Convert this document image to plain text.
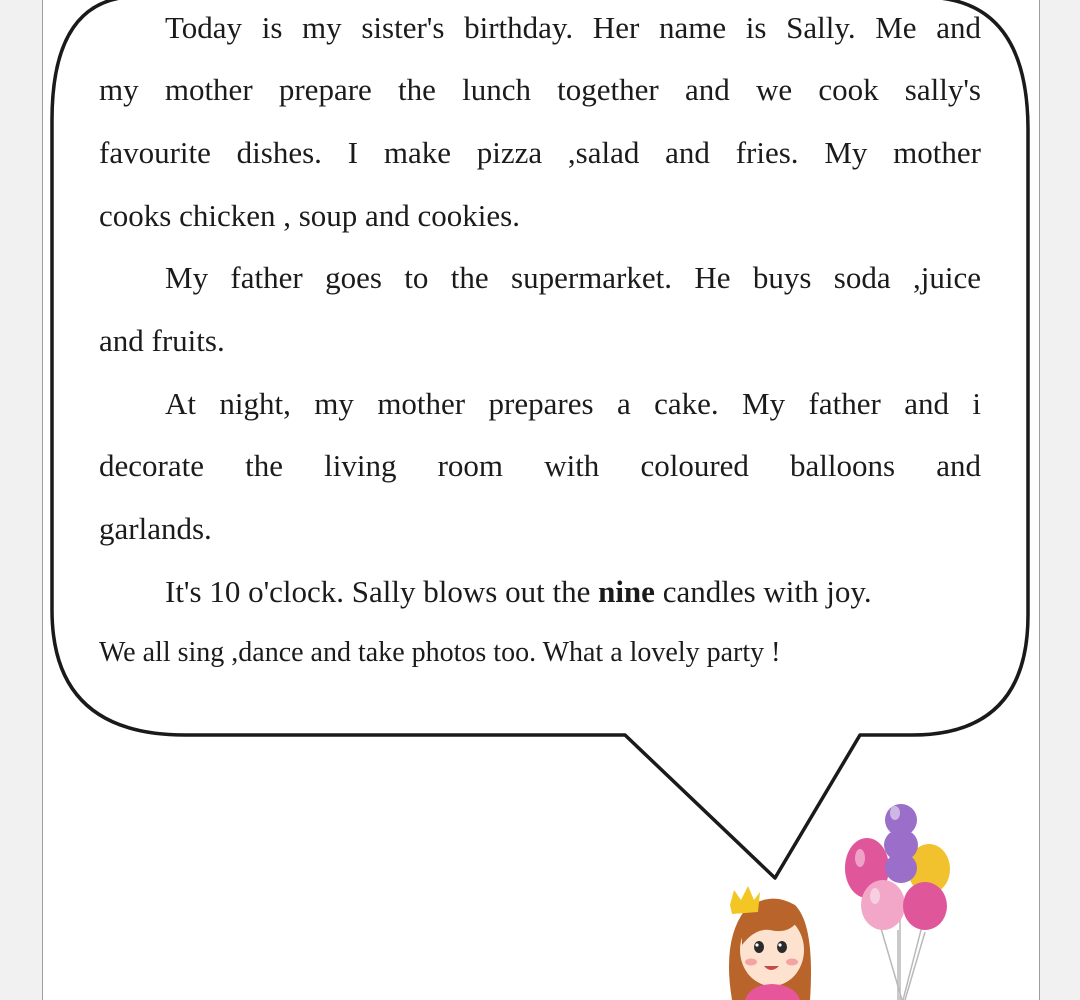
Today is my sister's birthday. Her name is Sally. Me and
my mother prepare the lunch together and we cook sally's
favourite dishes. I make pizza ,salad and fries. My mother
cooks chicken , soup and cookies.
My father goes to the supermarket. He buys soda ,juice
and fruits.
At night, my mother prepares a cake. My father and i
decorate the living room with coloured balloons and
garlands.
It's 10 o'clock. Sally blows out the nine candles with joy.
We all sing ,dance and take photos too. What a lovely party !
